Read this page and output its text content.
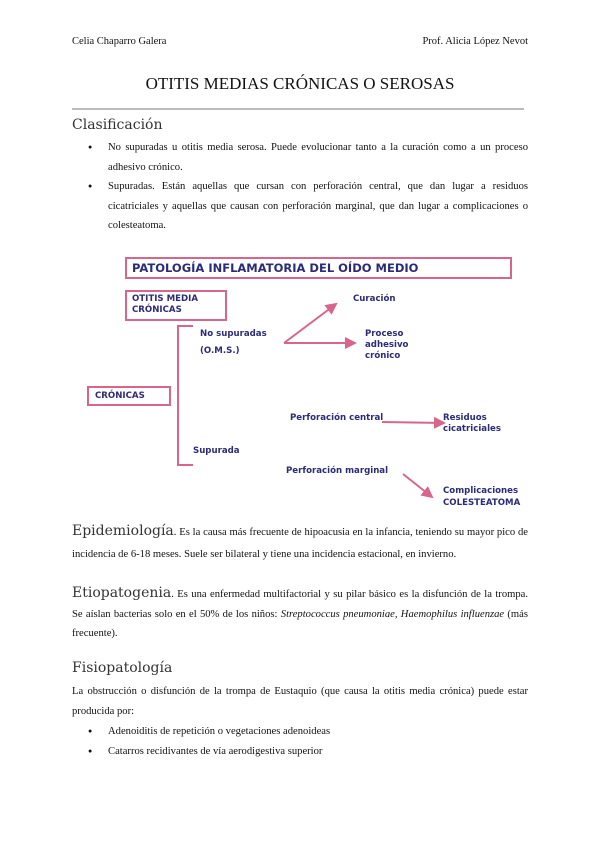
Celia Chaparro Galera	Prof. Alicia López Nevot
OTITIS MEDIAS CRÓNICAS O SEROSAS
Clasificación
● No supuradas u otitis media serosa. Puede evolucionar tanto a la curación como a un proceso adhesivo crónico.
● Supuradas. Están aquellas que cursan con perforación central, que dan lugar a residuos cicatriciales y aquellas que causan con perforación marginal, que dan lugar a complicaciones o colesteatoma.
PATOLOGÍA INFLAMATORIA DEL OÍDO MEDIO
OTITIS MEDIA CRÓNICAS
CRÓNICAS
Curación
Proceso adhesivo crónico
No supuradas
(O.M.S.)
Perforación central	Residuos cicatriciales
Supurada
Perforación marginal
Complicaciones
COLESTEATOMA
Epidemiología. Es la causa más frecuente de hipoacusia en la infancia, teniendo su mayor pico de incidencia de 6-18 meses. Suele ser bilateral y tiene una incidencia estacional, en invierno.
Etiopatogenia. Es una enfermedad multifactorial y su pilar básico es la disfunción de la trompa. Se aíslan bacterias solo en el 50% de los niños: Streptococcus pneumoniae, Haemophilus influenzae (más frecuente).
Fisiopatología
La obstrucción o disfunción de la trompa de Eustaquio (que causa la otitis media crónica) puede estar producida por:
● Adenoiditis de repetición o vegetaciones adenoideas
● Catarros recidivantes de vía aerodigestiva superior
